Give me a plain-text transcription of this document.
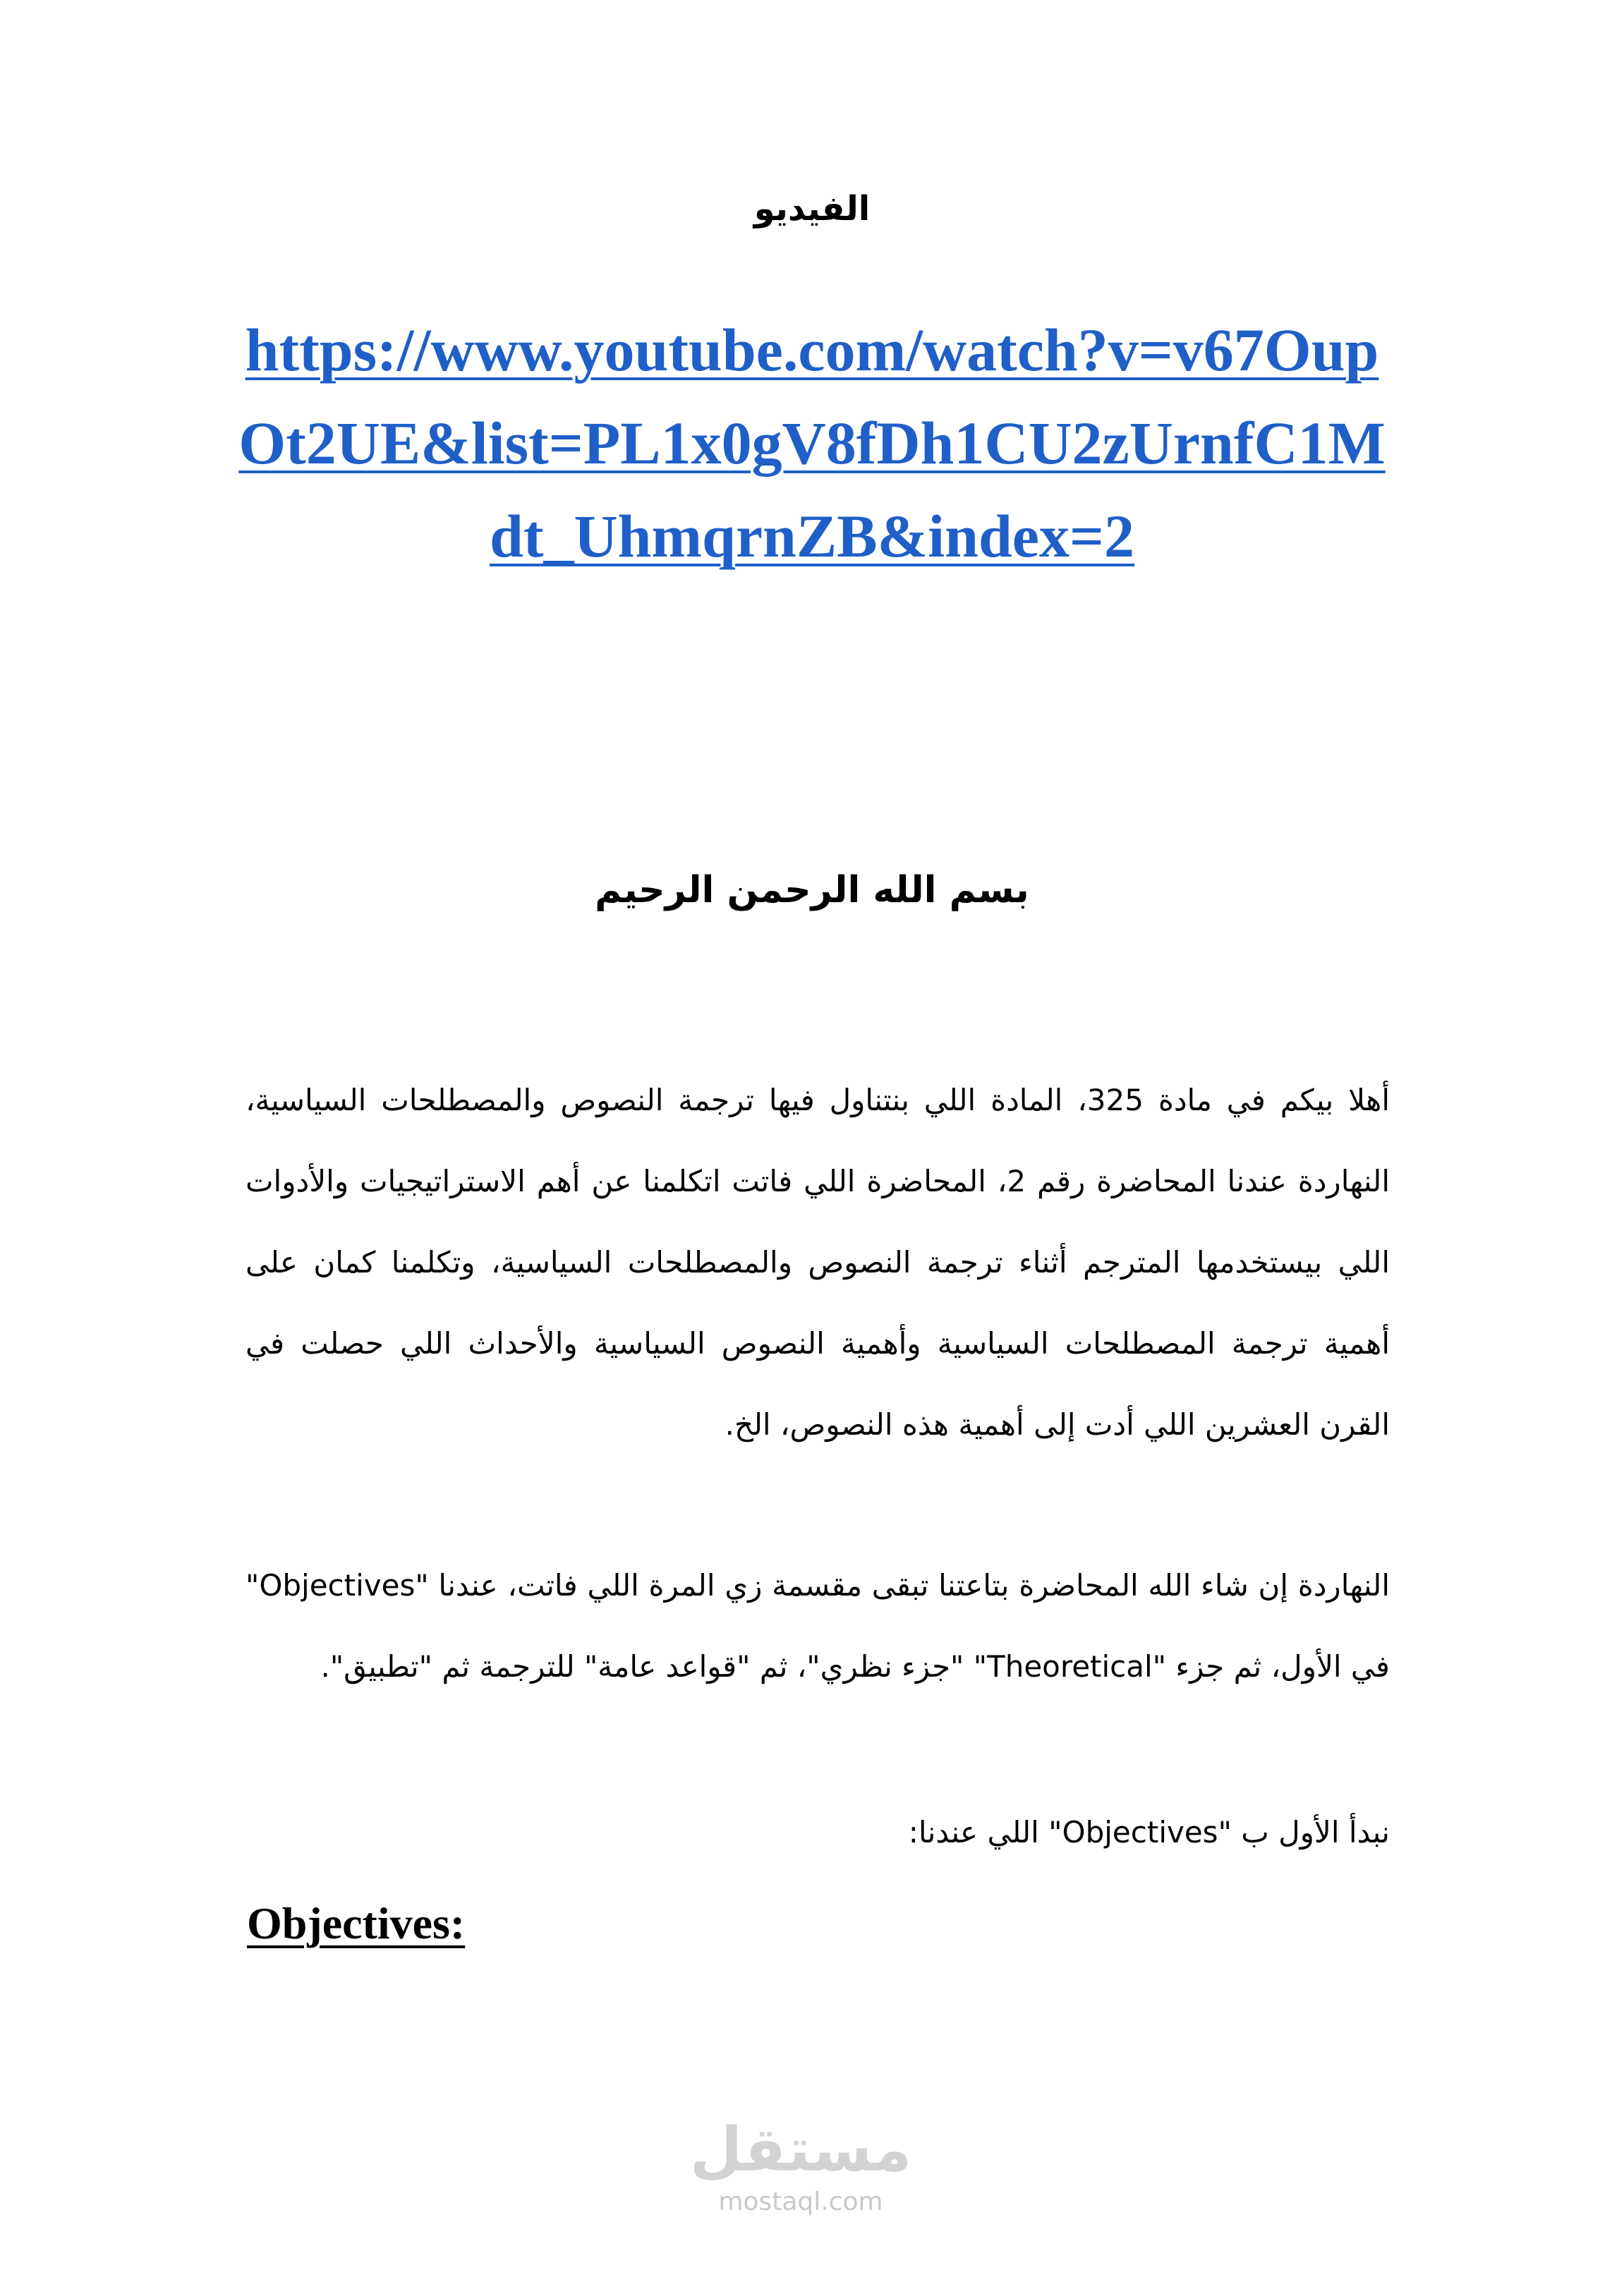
الفيديو
https://www.youtube.com/watch?v=v67OupOt2UE&list=PL1x0gV8fDh1CU2zUrnfC1Mdt_UhmqrnZB&index=2
بسم الله الرحمن الرحيم

أهلا بيكم في مادة 325، المادة اللي بنتناول فيها ترجمة النصوص والمصطلحات السياسية، النهاردة عندنا المحاضرة رقم 2، المحاضرة اللي فاتت اتكلمنا عن أهم الاستراتيجيات والأدوات اللي بيستخدمها المترجم أثناء ترجمة النصوص والمصطلحات السياسية، وتكلمنا كمان على أهمية ترجمة المصطلحات السياسية وأهمية النصوص السياسية والأحداث اللي حصلت في القرن العشرين اللي أدت إلى أهمية هذه النصوص، الخ.

النهاردة إن شاء الله المحاضرة بتاعتنا تبقى مقسمة زي المرة اللي فاتت، عندنا "Objectives" في الأول، ثم جزء "Theoretical" "جزء نظري"، ثم "قواعد عامة" للترجمة ثم "تطبيق".

نبدأ الأول ب "Objectives" اللي عندنا:

Objectives:
مستقل
mostaql.com
